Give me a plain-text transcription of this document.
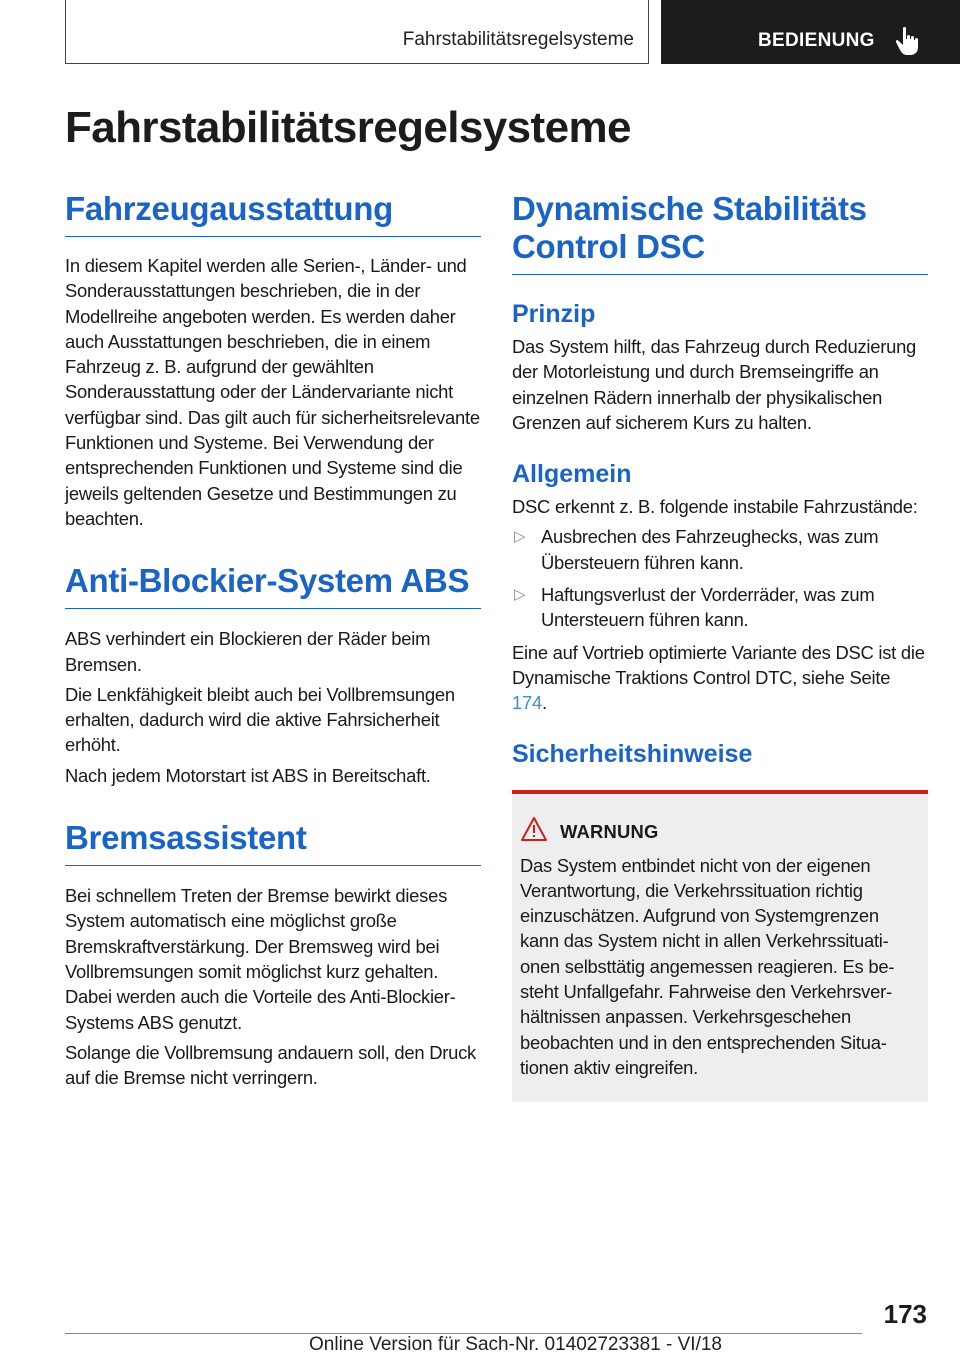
Fahrstabilitätsregelsysteme	BEDIENUNG
Fahrstabilitätsregelsysteme
Fahrzeugausstattung

In diesem Kapitel werden alle Serien-, Länder- und Sonderausstattungen beschrieben, die in der Modellreihe angeboten werden. Es werden daher auch Ausstattungen beschrieben, die in einem Fahrzeug z. B. aufgrund der gewählten Sonderausstattung oder der Ländervariante nicht verfügbar sind. Das gilt auch für sicherheitsrelevante Funktionen und Systeme. Bei Verwendung der entsprechenden Funktionen und Systeme sind die jeweils geltenden Gesetze und Bestimmungen zu beachten.

Anti-Blockier-System ABS

ABS verhindert ein Blockieren der Räder beim Bremsen.

Die Lenkfähigkeit bleibt auch bei Vollbremsungen erhalten, dadurch wird die aktive Fahrsicherheit erhöht.

Nach jedem Motorstart ist ABS in Bereitschaft.

Bremsassistent

Bei schnellem Treten der Bremse bewirkt dieses System automatisch eine möglichst große Bremskraftverstärkung. Der Bremsweg wird bei Vollbremsungen somit möglichst kurz gehalten. Dabei werden auch die Vorteile des Anti-Blockier-Systems ABS genutzt.

Solange die Vollbremsung andauern soll, den Druck auf die Bremse nicht verringern.

Dynamische Stabilitäts Control DSC
Prinzip

Das System hilft, das Fahrzeug durch Reduzierung der Motorleistung und durch Bremseingriffe an einzelnen Rädern innerhalb der physikalischen Grenzen auf sicherem Kurs zu halten.

Allgemein

DSC erkennt z. B. folgende instabile Fahrzustände:

▷ Ausbrechen des Fahrzeughecks, was zum Übersteuern führen kann.
▷ Haftungsverlust der Vorderräder, was zum Untersteuern führen kann.

Eine auf Vortrieb optimierte Variante des DSC ist die Dynamische Traktions Control DTC, siehe Seite 174.

Sicherheitshinweise
WARNUNG

Das System entbindet nicht von der eigenen Verantwortung, die Verkehrssituation richtig einzuschätzen. Aufgrund von Systemgrenzen kann das System nicht in allen Verkehrssituationen selbsttätig angemessen reagieren. Es besteht Unfallgefahr. Fahrweise den Verkehrsverhältnissen anpassen. Verkehrsgeschehen beobachten und in den entsprechenden Situationen aktiv eingreifen.

173
Online Version für Sach-Nr. 01402723381 - VI/18
